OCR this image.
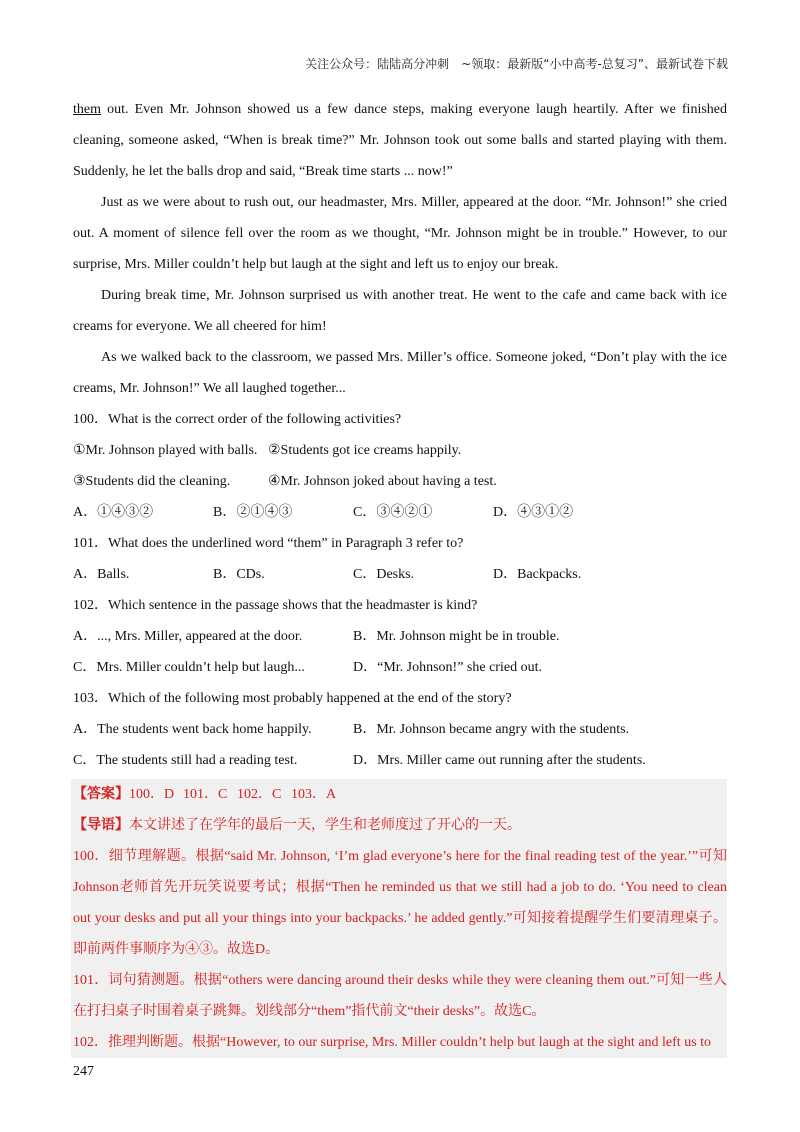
关注公众号：陆陆高分冲刺　~领取：最新版“小中高考-总复习”、最新试卷下载
them out. Even Mr. Johnson showed us a few dance steps, making everyone laugh heartily. After we finished cleaning, someone asked, “When is break time?” Mr. Johnson took out some balls and started playing with them. Suddenly, he let the balls drop and said, “Break time starts ... now!”
Just as we were about to rush out, our headmaster, Mrs. Miller, appeared at the door. “Mr. Johnson!” she cried out. A moment of silence fell over the room as we thought, “Mr. Johnson might be in trouble.” However, to our surprise, Mrs. Miller couldn’t help but laugh at the sight and left us to enjoy our break.
During break time, Mr. Johnson surprised us with another treat. He went to the cafe and came back with ice creams for everyone. We all cheered for him!
As we walked back to the classroom, we passed Mrs. Miller’s office. Someone joked, “Don’t play with the ice creams, Mr. Johnson!” We all laughed together...
100．What is the correct order of the following activities?
①Mr. Johnson played with balls. ②Students got ice creams happily.
③Students did the cleaning.	④Mr. Johnson joked about having a test.
A．①④③②	B．②①④③	C．③④②①	D．④③①②
101．What does the underlined word “them” in Paragraph 3 refer to?
A．Balls.	B．CDs.	C．Desks.	D．Backpacks.
102．Which sentence in the passage shows that the headmaster is kind?
A．..., Mrs. Miller, appeared at the door.	B．Mr. Johnson might be in trouble.
C．Mrs. Miller couldn’t help but laugh...	D．“Mr. Johnson!” she cried out.
103．Which of the following most probably happened at the end of the story?
A．The students went back home happily.	B．Mr. Johnson became angry with the students.
C．The students still had a reading test.	D．Mrs. Miller came out running after the students.
【答案】 100．D 101．C 102．C 103．A
【导语】本文讲述了在学年的最后一天，学生和老师度过了开心的一天。
100．细节理解题。根据“said Mr. Johnson, ‘I’m glad everyone’s here for the final reading test of the year.’”可知Johnson老师首先开玩笑说要考试；根据“Then he reminded us that we still had a job to do. ‘You need to clean out your desks and put all your things into your backpacks.’ he added gently.”可知接着提醒学生们要清理桌子。即前两件事顺序为④③。故选D。
101．词句猜测题。根据“others were dancing around their desks while they were cleaning them out.”可知一些人在打扫桌子时围着桌子跳舞。划线部分“them”指代前文“their desks”。故选C。
102．推理判断题。根据“However, to our surprise, Mrs. Miller couldn’t help but laugh at the sight and left us to
247
